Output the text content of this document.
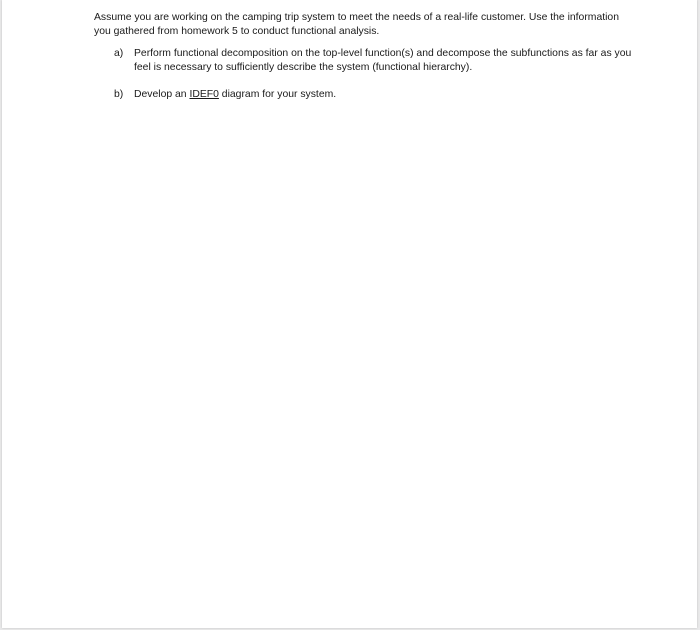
Assume you are working on the camping trip system to meet the needs of a real-life customer. Use the information you gathered from homework 5 to conduct functional analysis.

a) Perform functional decomposition on the top-level function(s) and decompose the subfunctions as far as you feel is necessary to sufficiently describe the system (functional hierarchy).
b) Develop an IDEF0 diagram for your system.
